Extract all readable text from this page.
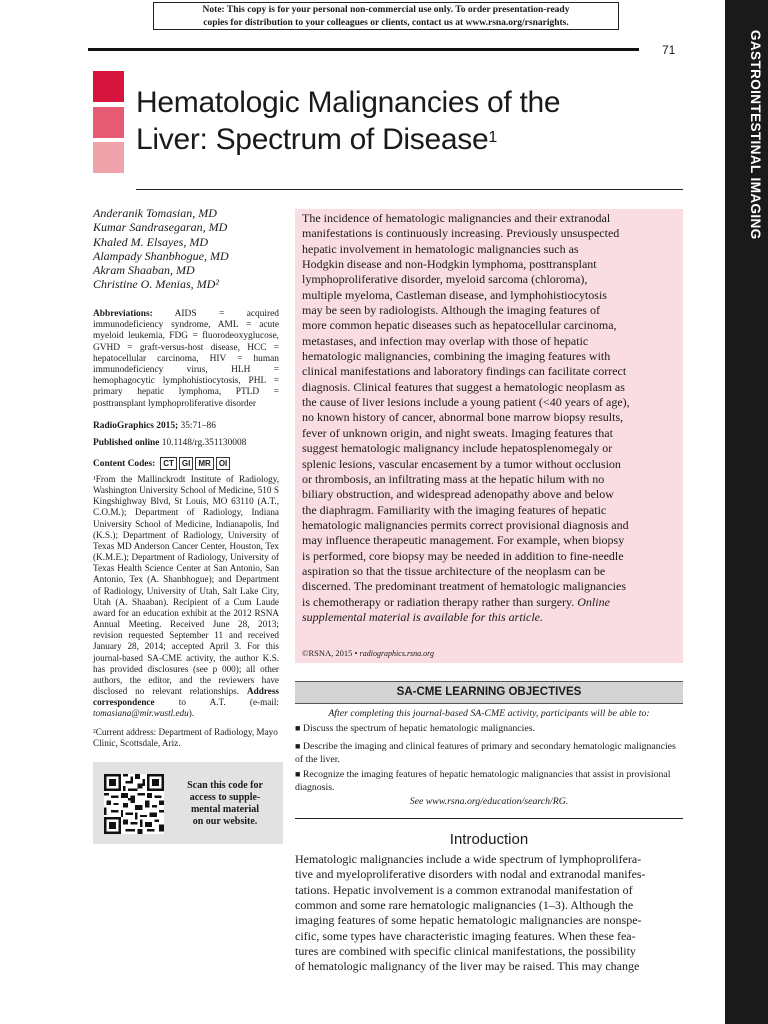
Note: This copy is for your personal non-commercial use only. To order presentation-ready
copies for distribution to your colleagues or clients, contact us at www.rsna.org/rsnarights.
71	GASTROINTESTINAL IMAGING
Hematologic Malignancies of the
Liver: Spectrum of Disease$^1$
Anderanik Tomasian, MD
Kumar Sandrasegaran, MD
Khaled M. Elsayes, MD
Alampady Shanbhogue, MD
Akram Shaaban, MD
Christine O. Menias, MD²
Abbreviations: AIDS = acquired immunodeficiency syndrome, AML = acute myeloid leukemia, FDG = fluorodeoxyglucose, GVHD = graft-versus-host disease, HCC = hepatocellular carcinoma, HIV = human immunodeficiency virus, HLH = hemophagocytic lymphohistiocytosis, PHL = primary hepatic lymphoma, PTLD = posttransplant lymphoproliferative disorder
RadioGraphics 2015; 35:71–86
Published online 10.1148/rg.351130008
Content Codes:	CT	GI	MR	OI
¹From the Mallinckrodt Institute of Radiology, Washington University School of Medicine, 510 S Kingshighway Blvd, St Louis, MO 63110 (A.T., C.O.M.); Department of Radiology, Indiana University School of Medicine, Indianapolis, Ind (K.S.); Department of Radiology, University of Texas MD Anderson Cancer Center, Houston, Tex (K.M.E.); Department of Radiology, University of Texas Health Science Center at San Antonio, San Antonio, Tex (A. Shanbhogue); and Department of Radiology, University of Utah, Salt Lake City, Utah (A. Shaaban). Recipient of a Cum Laude award for an education exhibit at the 2012 RSNA Annual Meeting. Received June 28, 2013; revision requested September 11 and received January 28, 2014; accepted April 3. For this journal-based SA-CME activity, the author K.S. has provided disclosures (see p 000); all other authors, the editor, and the reviewers have disclosed no relevant relationships. Address correspondence to A.T. (e-mail: tomasiana@mir.wustl.edu).
²Current address: Department of Radiology, Mayo Clinic, Scottsdale, Ariz.
Scan this code for
access to supple-
mental material
on our website.
The incidence of hematologic malignancies and their extranodal
manifestations is continuously increasing. Previously unsuspected
hepatic involvement in hematologic malignancies such as
Hodgkin disease and non-Hodgkin lymphoma, posttransplant
lymphoproliferative disorder, myeloid sarcoma (chloroma),
multiple myeloma, Castleman disease, and lymphohistiocytosis
may be seen by radiologists. Although the imaging features of
more common hepatic diseases such as hepatocellular carcinoma,
metastases, and infection may overlap with those of hepatic
hematologic malignancies, combining the imaging features with
clinical manifestations and laboratory findings can facilitate correct
diagnosis. Clinical features that suggest a hematologic neoplasm as
the cause of liver lesions include a young patient (<40 years of age),
no known history of cancer, abnormal bone marrow biopsy results,
fever of unknown origin, and night sweats. Imaging features that
suggest hematologic malignancy include hepatosplenomegaly or
splenic lesions, vascular encasement by a tumor without occlusion
or thrombosis, an infiltrating mass at the hepatic hilum with no
biliary obstruction, and widespread adenopathy above and below
the diaphragm. Familiarity with the imaging features of hepatic
hematologic malignancies permits correct provisional diagnosis and
may influence therapeutic management. For example, when biopsy
is performed, core biopsy may be needed in addition to fine-needle
aspiration so that the tissue architecture of the neoplasm can be
discerned. The predominant treatment of hematologic malignancies
is chemotherapy or radiation therapy rather than surgery. Online
supplemental material is available for this article.
©RSNA, 2015 • radiographics.rsna.org
SA-CME LEARNING OBJECTIVES
After completing this journal-based SA-CME activity, participants will be able to:
■ Discuss the spectrum of hepatic hematologic malignancies.
■ Describe the imaging and clinical features of primary and secondary hematologic malignancies of the liver.
■ Recognize the imaging features of hepatic hematologic malignancies that assist in provisional diagnosis.
See www.rsna.org/education/search/RG.
Introduction
Hematologic malignancies include a wide spectrum of lymphoprolifera-
tive and myeloproliferative disorders with nodal and extranodal manifes-
tations. Hepatic involvement is a common extranodal manifestation of
common and some rare hematologic malignancies (1–3). Although the
imaging features of some hepatic hematologic malignancies are nonspe-
cific, some types have characteristic imaging features. When these fea-
tures are combined with specific clinical manifestations, the possibility
of hematologic malignancy of the liver may be raised. This may change
